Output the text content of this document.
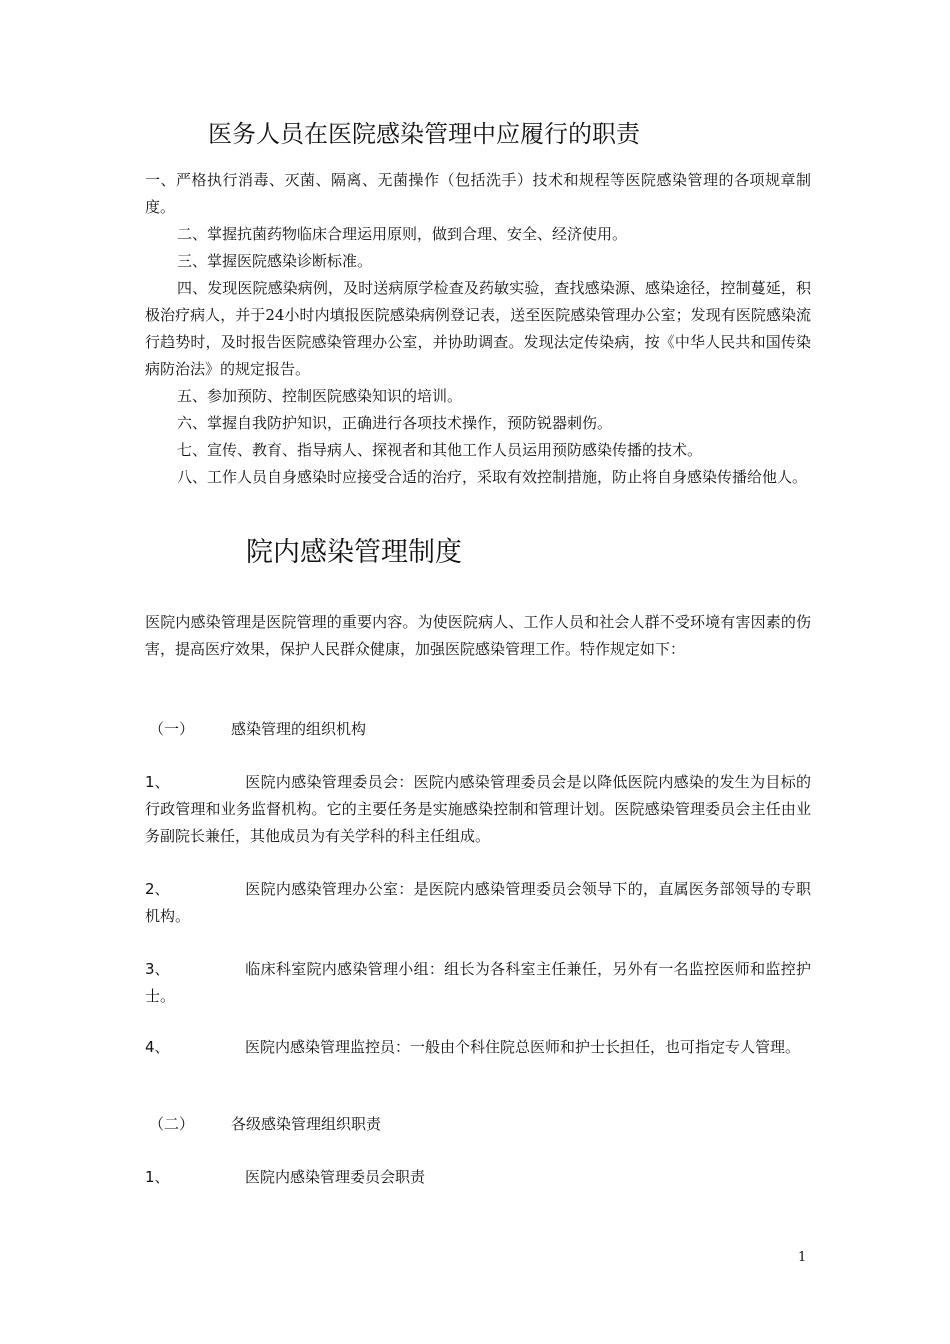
医务人员在医院感染管理中应履行的职责

一、严格执行消毒、灭菌、隔离、无菌操作（包括洗手）技术和规程等医院感染管理的各项规章制度。

二、掌握抗菌药物临床合理运用原则，做到合理、安全、经济使用。

三、掌握医院感染诊断标准。

四、发现医院感染病例，及时送病原学检查及药敏实验，查找感染源、感染途径，控制蔓延，积极治疗病人，并于24小时内填报医院感染病例登记表，送至医院感染管理办公室；发现有医院感染流行趋势时，及时报告医院感染管理办公室，并协助调查。发现法定传染病，按《中华人民共和国传染病防治法》的规定报告。

五、参加预防、控制医院感染知识的培训。

六、掌握自我防护知识，正确进行各项技术操作，预防锐器刺伤。

七、宣传、教育、指导病人、探视者和其他工作人员运用预防感染传播的技术。

八、工作人员自身感染时应接受合适的治疗，采取有效控制措施，防止将自身感染传播给他人。

院内感染管理制度

医院内感染管理是医院管理的重要内容。为使医院病人、工作人员和社会人群不受环境有害因素的伤害，提高医疗效果，保护人民群众健康，加强医院感染管理工作。特作规定如下：

（一） 感染管理的组织机构

1、	医院内感染管理委员会：医院内感染管理委员会是以降低医院内感染的发生为目标的行政管理和业务监督机构。它的主要任务是实施感染控制和管理计划。医院感染管理委员会主任由业务副院长兼任，其他成员为有关学科的科主任组成。

2、	医院内感染管理办公室：是医院内感染管理委员会领导下的，直属医务部领导的专职机构。

3、	临床科室院内感染管理小组：组长为各科室主任兼任，另外有一名监控医师和监控护士。

4、	医院内感染管理监控员：一般由个科住院总医师和护士长担任，也可指定专人管理。

（二） 各级感染管理组织职责
1、	医院内感染管理委员会职责
1
